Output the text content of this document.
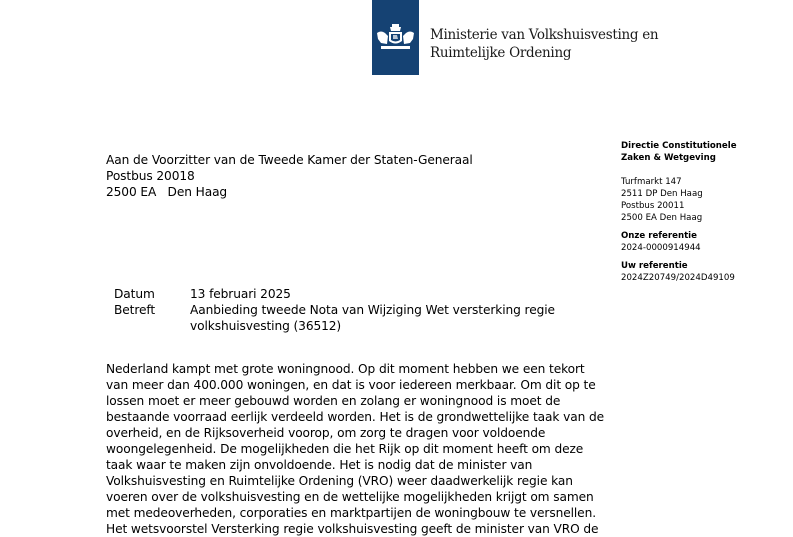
Ministerie van Volkshuisvesting en
Ruimtelijke Ordening
Aan de Voorzitter van de Tweede Kamer der Staten-Generaal
Postbus 20018
2500 EA   Den Haag
Directie Constitutionele
Zaken & Wetgeving
Turfmarkt 147
2511 DP Den Haag
Postbus 20011
2500 EA Den Haag
Onze referentie
2024-0000914944
Uw referentie
2024Z20749/2024D49109
Datum	13 februari 2025
Betreft	Aanbieding tweede Nota van Wijziging Wet versterking regie volkshuisvesting (36512)
Nederland kampt met grote woningnood. Op dit moment hebben we een tekort
van meer dan 400.000 woningen, en dat is voor iedereen merkbaar. Om dit op te
lossen moet er meer gebouwd worden en zolang er woningnood is moet de
bestaande voorraad eerlijk verdeeld worden. Het is de grondwettelijke taak van de
overheid, en de Rijksoverheid voorop, om zorg te dragen voor voldoende
woongelegenheid. De mogelijkheden die het Rijk op dit moment heeft om deze
taak waar te maken zijn onvoldoende. Het is nodig dat de minister van
Volkshuisvesting en Ruimtelijke Ordening (VRO) weer daadwerkelijk regie kan
voeren over de volkshuisvesting en de wettelijke mogelijkheden krijgt om samen
met medeoverheden, corporaties en marktpartijen de woningbouw te versnellen.
Het wetsvoorstel Versterking regie volkshuisvesting geeft de minister van VRO de
